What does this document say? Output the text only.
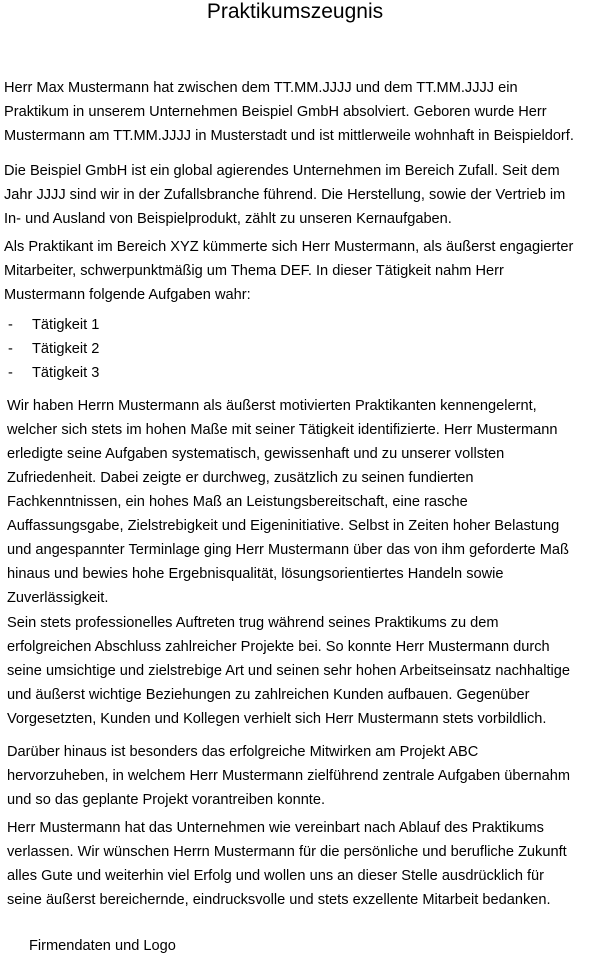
Praktikumszeugnis
Herr Max Mustermann hat zwischen dem TT.MM.JJJJ und dem TT.MM.JJJJ ein
Praktikum in unserem Unternehmen Beispiel GmbH absolviert. Geboren wurde Herr
Mustermann am TT.MM.JJJJ in Musterstadt und ist mittlerweile wohnhaft in Beispieldorf.
Die Beispiel GmbH ist ein global agierendes Unternehmen im Bereich Zufall. Seit dem
Jahr JJJJ sind wir in der Zufallsbranche führend. Die Herstellung, sowie der Vertrieb im
In- und Ausland von Beispielprodukt, zählt zu unseren Kernaufgaben.
Als Praktikant im Bereich XYZ kümmerte sich Herr Mustermann, als äußerst engagierter
Mitarbeiter, schwerpunktmäßig um Thema DEF. In dieser Tätigkeit nahm Herr
Mustermann folgende Aufgaben wahr:
- Tätigkeit 1
- Tätigkeit 2
- Tätigkeit 3
Wir haben Herrn Mustermann als äußerst motivierten Praktikanten kennengelernt,
welcher sich stets im hohen Maße mit seiner Tätigkeit identifizierte. Herr Mustermann
erledigte seine Aufgaben systematisch, gewissenhaft und zu unserer vollsten
Zufriedenheit. Dabei zeigte er durchweg, zusätzlich zu seinen fundierten
Fachkenntnissen, ein hohes Maß an Leistungsbereitschaft, eine rasche
Auffassungsgabe, Zielstrebigkeit und Eigeninitiative. Selbst in Zeiten hoher Belastung
und angespannter Terminlage ging Herr Mustermann über das von ihm geforderte Maß
hinaus und bewies hohe Ergebnisqualität, lösungsorientiertes Handeln sowie
Zuverlässigkeit.
Sein stets professionelles Auftreten trug während seines Praktikums zu dem
erfolgreichen Abschluss zahlreicher Projekte bei. So konnte Herr Mustermann durch
seine umsichtige und zielstrebige Art und seinen sehr hohen Arbeitseinsatz nachhaltige
und äußerst wichtige Beziehungen zu zahlreichen Kunden aufbauen. Gegenüber
Vorgesetzten, Kunden und Kollegen verhielt sich Herr Mustermann stets vorbildlich.
Darüber hinaus ist besonders das erfolgreiche Mitwirken am Projekt ABC
hervorzuheben, in welchem Herr Mustermann zielführend zentrale Aufgaben übernahm
und so das geplante Projekt vorantreiben konnte.
Herr Mustermann hat das Unternehmen wie vereinbart nach Ablauf des Praktikums
verlassen. Wir wünschen Herrn Mustermann für die persönliche und berufliche Zukunft
alles Gute und weiterhin viel Erfolg und wollen uns an dieser Stelle ausdrücklich für
seine äußerst bereichernde, eindrucksvolle und stets exzellente Mitarbeit bedanken.

Firmendaten und Logo
